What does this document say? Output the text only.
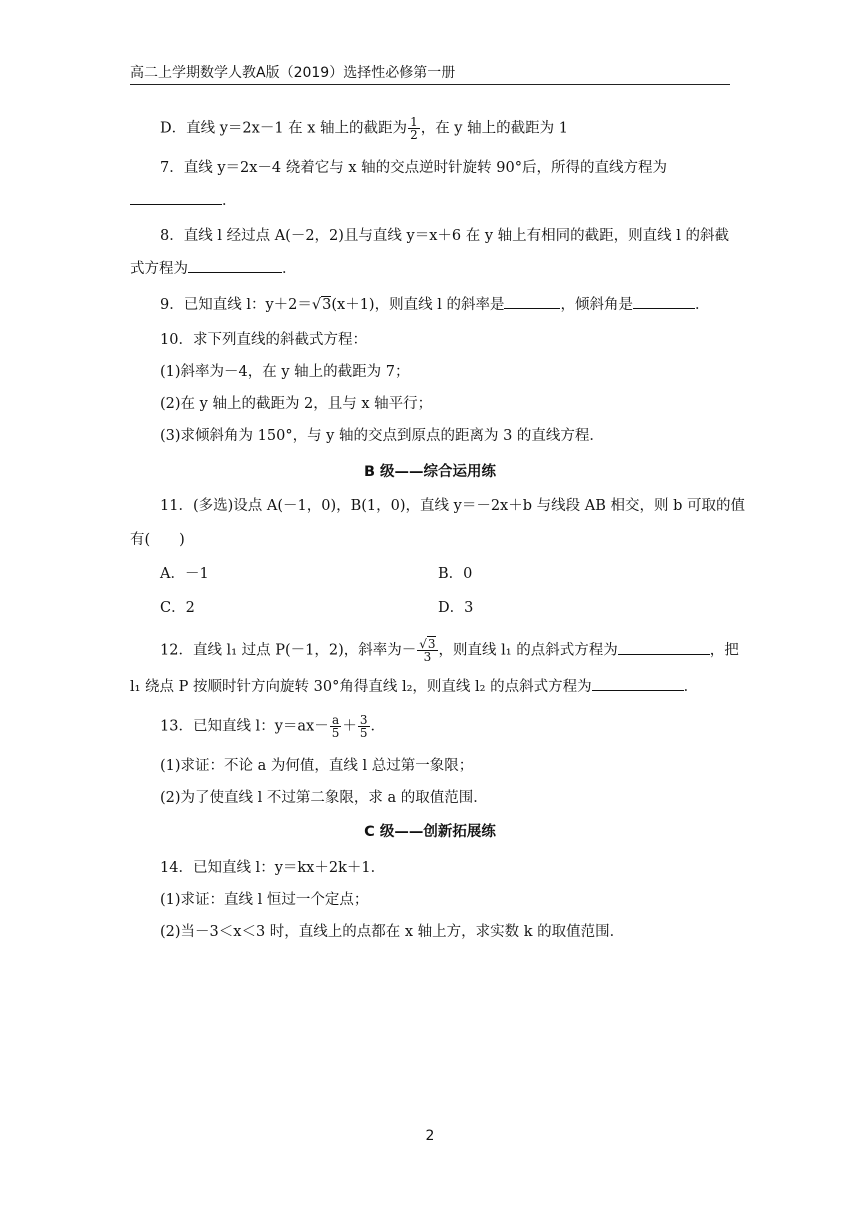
高二上学期数学人教A版（2019）选择性必修第一册
D．直线 y＝2x－1 在 x 轴上的截距为 $\frac{1}{2}$ ，在 y 轴上的截距为 1
7．直线 y＝2x－4 绕着它与 x 轴的交点逆时针旋转 90°后，所得的直线方程为
．
8．直线 l 经过点 A(－2，2)且与直线 y＝x＋6 在 y 轴上有相同的截距，则直线 l 的斜截
式方程为	．
9．已知直线 l：y＋2＝√3(x＋1)，则直线 l 的斜率是	，倾斜角是	．
10．求下列直线的斜截式方程：
(1)斜率为－4，在 y 轴上的截距为 7；
(2)在 y 轴上的截距为 2，且与 x 轴平行；
(3)求倾斜角为 150°，与 y 轴的交点到原点的距离为 3 的直线方程．
B 级——综合运用练
11．(多选)设点 A(－1，0)，B(1，0)，直线 y＝－2x＋b 与线段 AB 相交，则 b 可取的值
有(　　)
A．－1	B．0
C．2	D．3
12．直线 l₁ 过点 P(－1，2)，斜率为－ $\frac{√3}{3}$ ，则直线 l₁ 的点斜式方程为	，把
l₁ 绕点 P 按顺时针方向旋转 30°角得直线 l₂，则直线 l₂ 的点斜式方程为	．
13．已知直线 l：$y=ax- \frac{a}{5} + \frac{3}{5}$ ．
(1)求证：不论 a 为何值，直线 l 总过第一象限；
(2)为了使直线 l 不过第二象限，求 a 的取值范围．
C 级——创新拓展练
14．已知直线 l：y＝kx＋2k＋1．
(1)求证：直线 l 恒过一个定点；
(2)当－3＜x＜3 时，直线上的点都在 x 轴上方，求实数 k 的取值范围．
2
